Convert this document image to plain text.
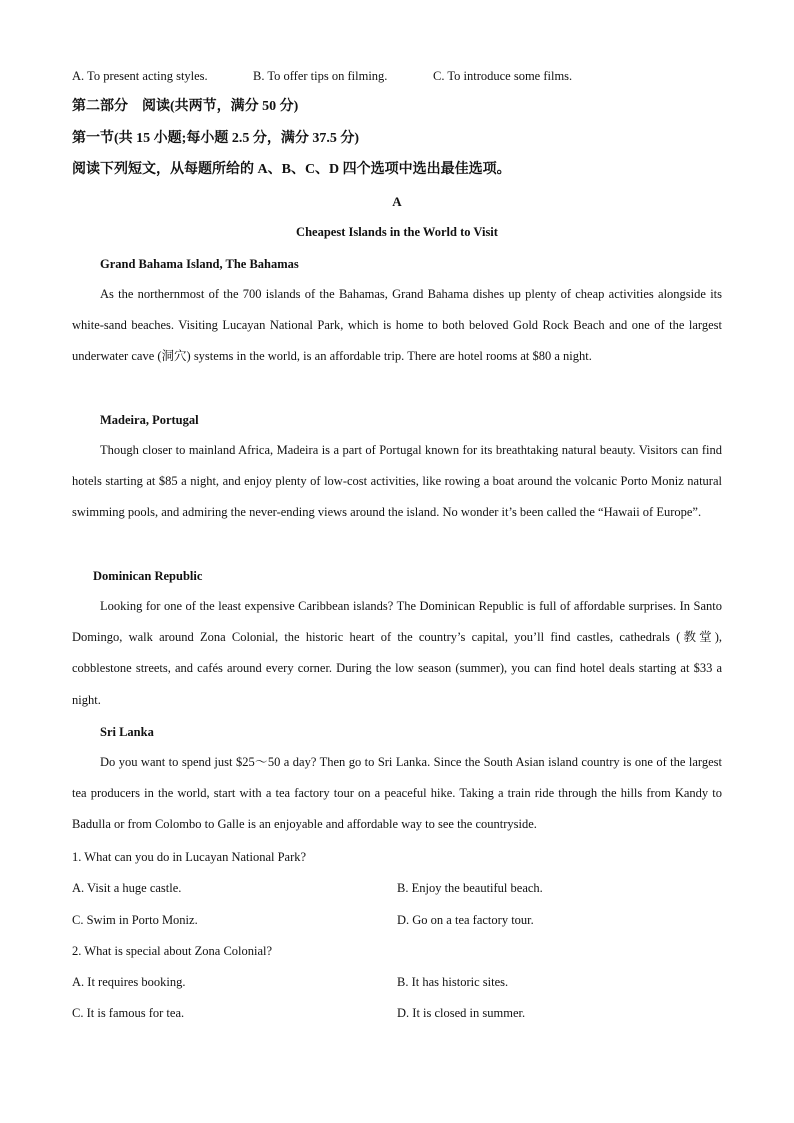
A. To present acting styles.	B. To offer tips on filming.	C. To introduce some films.
第二部分　阅读(共两节，满分 50 分)
第一节(共 15 小题;每小题 2.5 分，满分 37.5 分)
阅读下列短文，从每题所给的 A、B、C、D 四个选项中选出最佳选项。
A
Cheapest Islands in the World to Visit
Grand Bahama Island, The Bahamas
As the northernmost of the 700 islands of the Bahamas, Grand Bahama dishes up plenty of cheap activities alongside its white-sand beaches. Visiting Lucayan National Park, which is home to both beloved Gold Rock Beach and one of the largest underwater cave (洞穴) systems in the world, is an affordable trip. There are hotel rooms at $80 a night.
Madeira, Portugal
Though closer to mainland Africa, Madeira is a part of Portugal known for its breathtaking natural beauty. Visitors can find hotels starting at $85 a night, and enjoy plenty of low-cost activities, like rowing a boat around the volcanic Porto Moniz natural swimming pools, and admiring the never-ending views around the island. No wonder it’s been called the “Hawaii of Europe”.
Dominican Republic
Looking for one of the least expensive Caribbean islands? The Dominican Republic is full of affordable surprises. In Santo Domingo, walk around Zona Colonial, the historic heart of the country’s capital, you’ll find castles, cathedrals (教堂), cobblestone streets, and cafés around every corner. During the low season (summer), you can find hotel deals starting at $33 a night.
Sri Lanka
Do you want to spend just $25～50 a day? Then go to Sri Lanka. Since the South Asian island country is one of the largest tea producers in the world, start with a tea factory tour on a peaceful hike. Taking a train ride through the hills from Kandy to Badulla or from Colombo to Galle is an enjoyable and affordable way to see the countryside.
1. What can you do in Lucayan National Park?
A. Visit a huge castle.	B. Enjoy the beautiful beach.
C. Swim in Porto Moniz.	D. Go on a tea factory tour.
2. What is special about Zona Colonial?
A. It requires booking.	B. It has historic sites.
C. It is famous for tea.	D. It is closed in summer.
